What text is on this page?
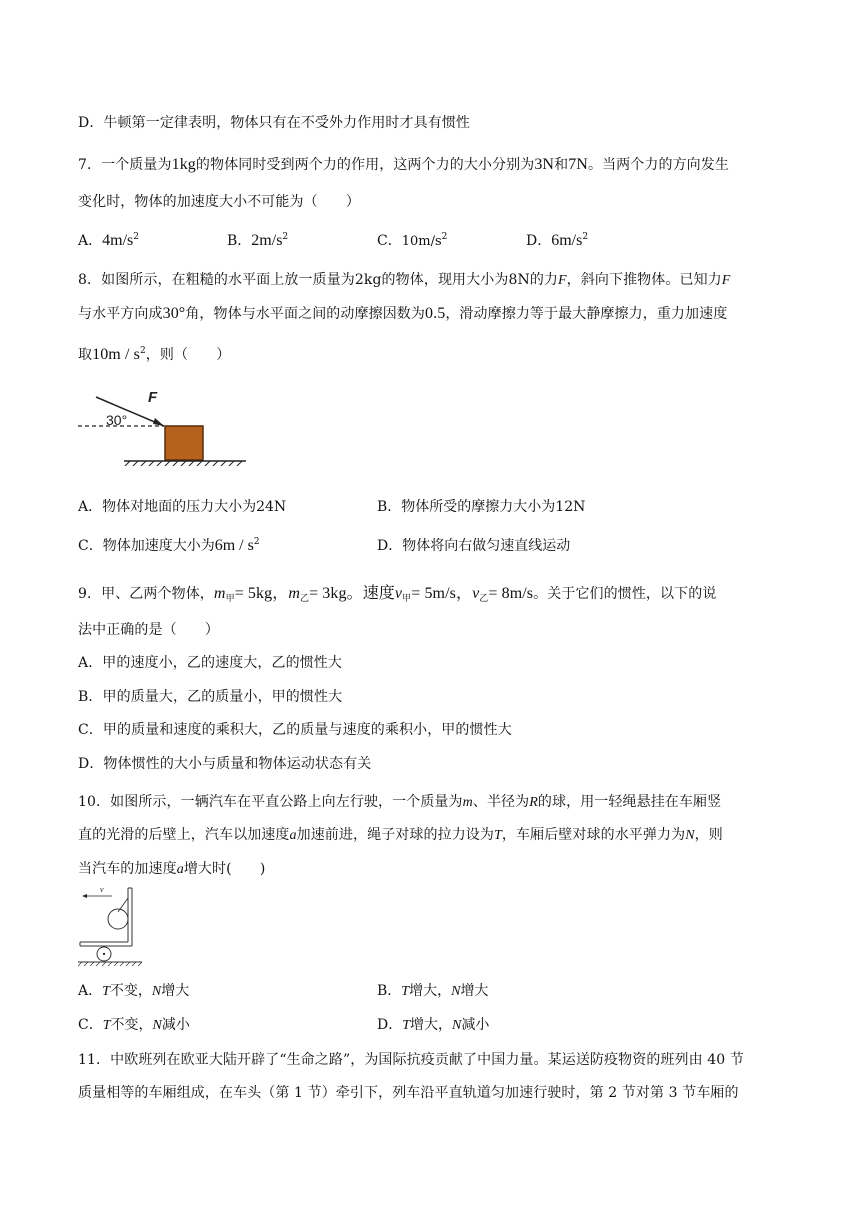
D．牛顿第一定律表明，物体只有在不受外力作用时才具有惯性
7．一个质量为1kg的物体同时受到两个力的作用，这两个力的大小分别为3N和7N。当两个力的方向发生
变化时，物体的加速度大小不可能为（　　）
A．$4m/s^2$	B．$2m/s^2$	C．$10m/s^2$	D．$6m/s^2$
8．如图所示，在粗糙的水平面上放一质量为2kg的物体，现用大小为8N的力F，斜向下推物体。已知力F
与水平方向成30°角，物体与水平面之间的动摩擦因数为0.5，滑动摩擦力等于最大静摩擦力，重力加速度
取$10m / s^2$，则（　　）
30°
F
A．物体对地面的压力大小为24N	B．物体所受的摩擦力大小为12N
C．物体加速度大小为$6m / s^2$	D．物体将向右做匀速直线运动
9．甲、乙两个物体，$m_甲= 5kg$，$m_乙= 3kg$。速度$v_甲= 5m/s$，$v_乙= 8m/s$。关于它们的惯性，以下的说
法中正确的是（　　）
A．甲的速度小，乙的速度大，乙的惯性大
B．甲的质量大，乙的质量小，甲的惯性大
C．甲的质量和速度的乘积大，乙的质量与速度的乘积小，甲的惯性大
D．物体惯性的大小与质量和物体运动状态有关
10．如图所示，一辆汽车在平直公路上向左行驶，一个质量为m、半径为R的球，用一轻绳悬挂在车厢竖
直的光滑的后壁上，汽车以加速度a加速前进，绳子对球的拉力设为T，车厢后壁对球的水平弹力为N，则
当汽车的加速度a增大时(　　)
v
A．T不变，N增大	B．T增大，N增大
C．T不变，N减小	D．T增大，N减小
11．中欧班列在欧亚大陆开辟了“生命之路”，为国际抗疫贡献了中国力量。某运送防疫物资的班列由 40 节
质量相等的车厢组成，在车头（第 1 节）牵引下，列车沿平直轨道匀加速行驶时，第 2 节对第 3 节车厢的
